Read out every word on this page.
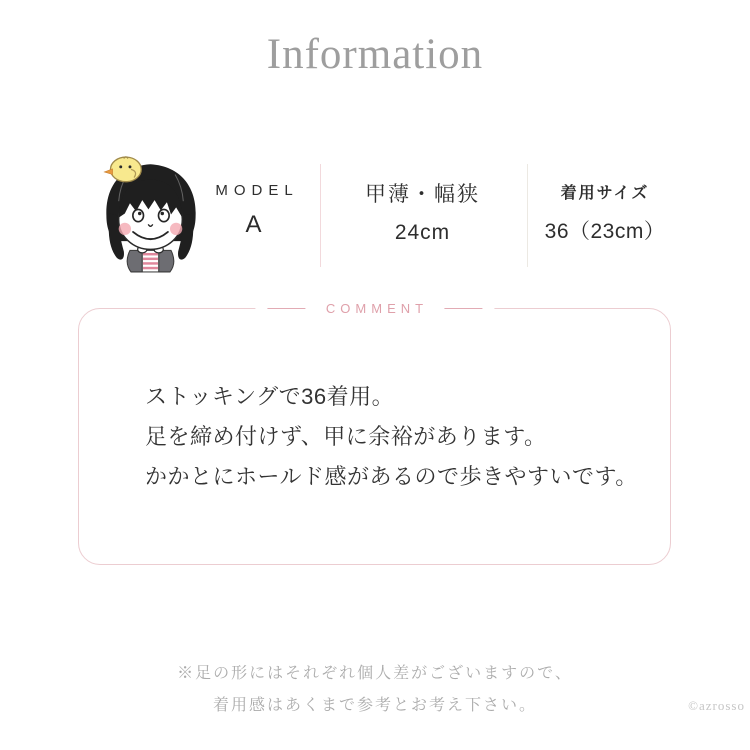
Information
MODEL
A
甲薄・幅狭
24cm
着用サイズ
36（23cm）
COMMENT
ストッキングで36着用。
足を締め付けず、甲に余裕があります。
かかとにホールド感があるので歩きやすいです。
※足の形にはそれぞれ個人差がございますので、
着用感はあくまで参考とお考え下さい。	©azrosso
